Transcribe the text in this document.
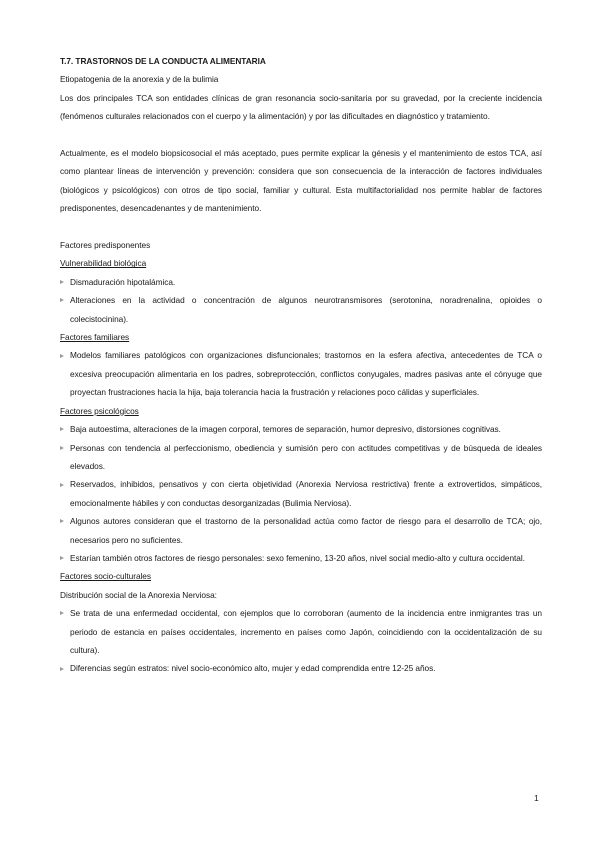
T.7. TRASTORNOS DE LA CONDUCTA ALIMENTARIA
Etiopatogenia de la anorexia y de la bulimia
Los dos principales TCA son entidades clínicas de gran resonancia socio-sanitaria por su gravedad, por la creciente incidencia (fenómenos culturales relacionados con el cuerpo y la alimentación) y por las dificultades en diagnóstico y tratamiento.
Actualmente, es el modelo biopsicosocial el más aceptado, pues permite explicar la génesis y el mantenimiento de estos TCA, así como plantear líneas de intervención y prevención: considera que son consecuencia de la interacción de factores individuales (biológicos y psicológicos) con otros de tipo social, familiar y cultural. Esta multifactorialidad nos permite hablar de factores predisponentes, desencadenantes y de mantenimiento.
Factores predisponentes
Vulnerabilidad biológica
Dismaduración hipotalámica.
Alteraciones en la actividad o concentración de algunos neurotransmisores (serotonina, noradrenalina, opioides o colecistocinina).
Factores familiares
Modelos familiares patológicos con organizaciones disfuncionales; trastornos en la esfera afectiva, antecedentes de TCA o excesiva preocupación alimentaria en los padres, sobreprotección, conflictos conyugales, madres pasivas ante el cónyuge que proyectan frustraciones hacia la hija, baja tolerancia hacia la frustración y relaciones poco cálidas y superficiales.
Factores psicológicos
Baja autoestima, alteraciones de la imagen corporal, temores de separación, humor depresivo, distorsiones cognitivas.
Personas con tendencia al perfeccionismo, obediencia y sumisión pero con actitudes competitivas y de búsqueda de ideales elevados.
Reservados, inhibidos, pensativos y con cierta objetividad (Anorexia Nerviosa restrictiva) frente a extrovertidos, simpáticos, emocionalmente hábiles y con conductas desorganizadas (Bulimia Nerviosa).
Algunos autores consideran que el trastorno de la personalidad actúa como factor de riesgo para el desarrollo de TCA; ojo, necesarios pero no suficientes.
Estarían también otros factores de riesgo personales: sexo femenino, 13-20 años, nivel social medio-alto y cultura occidental.
Factores socio-culturales
Distribución social de la Anorexia Nerviosa:
Se trata de una enfermedad occidental, con ejemplos que lo corroboran (aumento de la incidencia entre inmigrantes tras un periodo de estancia en países occidentales, incremento en países como Japón, coincidiendo con la occidentalización de su cultura).
Diferencias según estratos: nivel socio-económico alto, mujer y edad comprendida entre 12-25 años.
1
